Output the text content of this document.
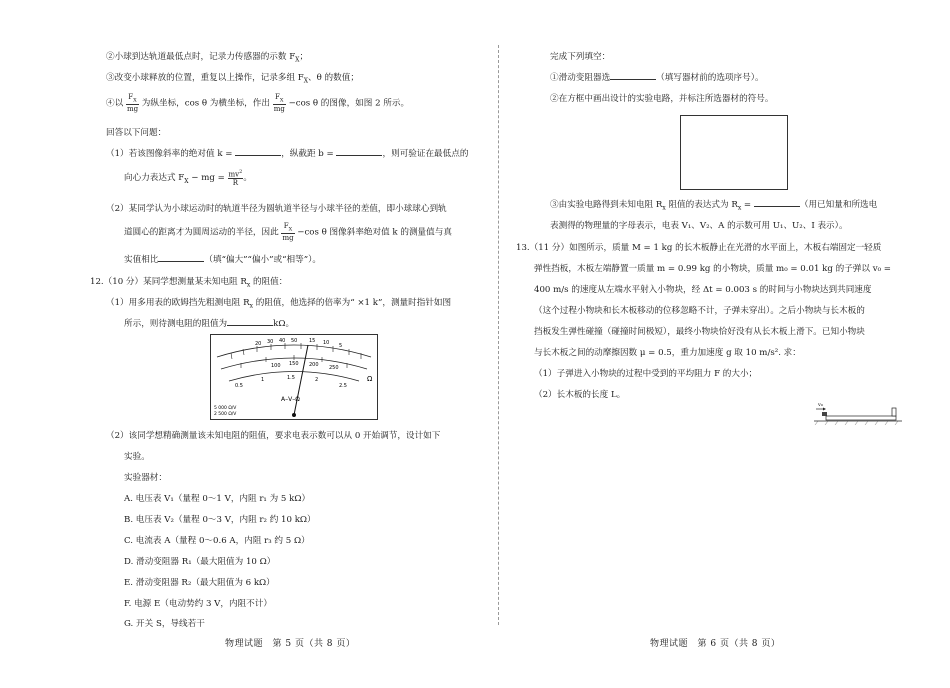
②小球到达轨道最低点时，记录力传感器的示数 $F_X$；
③改变小球释放的位置，重复以上操作，记录多组 $F_X$、θ 的数值；
④以 $\frac{F_X}{mg}$ 为纵坐标，cos θ 为横坐标，作出 $\frac{F_X}{mg} -\cos$ θ 的图像，如图 2 所示。
回答以下问题：
（1）若该图像斜率的绝对值 k =	，纵截距 b =	，则可验证在最低点的
向心力表达式 $F_X$ − mg = $\frac{mv^2}{R}$ 。
（2）某同学认为小球运动时的轨道半径为圆轨道半径与小球半径的差值，即小球球心到轨
道圆心的距离才为圆周运动的半径，因此 $\frac{F_X}{mg} -\cos$ θ 图像斜率绝对值 k 的测量值与真
实值相比	（填“偏大”“偏小”或“相等”）。
12.（10 分）某同学想测量某未知电阻 $R_x$ 的阻值：
（1）用多用表的欧姆挡先粗测电阻 $R_x$ 的阻值，他选择的倍率为“ ×1 k”，测量时指针如图
所示，则待测电阻的阻值为	kΩ。
（2）该同学想精确测量该未知电阻的阻值，要求电表示数可以从 0 开始调节，设计如下
实验。
实验器材：
A. 电压表 V₁（量程 0～1 V，内阻 r₁ 为 5 kΩ）
B. 电压表 V₂（量程 0～3 V，内阻 r₂ 约 10 kΩ）
C. 电流表 A（量程 0～0.6 A，内阻 r₃ 约 5 Ω）
D. 滑动变阻器 R₁（最大阻值为 10 Ω）
E. 滑动变阻器 R₂（最大阻值为 6 kΩ）
F. 电源 E（电动势约 3 V，内阻不计）
G. 开关 S，导线若干
20 30 40 50 15 10 5
100 150 200 250
0.5
1	1.5	2
2.5
Ω
A–V–Ω
5 000 Ω/V
2 500 Ω/V
物理试题　第 5 页（共 8 页）
完成下列填空：
①滑动变阻器选	（填写器材前的选项序号）。
②在方框中画出设计的实验电路，并标注所选器材的符号。
③由实验电路得到未知电阻 $R_x$ 阻值的表达式为 $R_x$ =	（用已知量和所选电
表测得的物理量的字母表示，电表 V₁、V₂、A 的示数可用 U₁、U₂、I 表示）。
13.（11 分）如图所示，质量 M = 1 kg 的长木板静止在光滑的水平面上，木板右端固定一轻质
弹性挡板，木板左端静置一质量 m = 0.99 kg 的小物块，质量 m₀ = 0.01 kg 的子弹以 v₀ =
400 m/s 的速度从左端水平射入小物块，经 Δt = 0.003 s 的时间与小物块达到共同速度
（这个过程小物块和长木板移动的位移忽略不计，子弹未穿出）。之后小物块与长木板的
挡板发生弹性碰撞（碰撞时间极短），最终小物块恰好没有从长木板上滑下。已知小物块
与长木板之间的动摩擦因数 μ = 0.5，重力加速度 g 取 10 m/s². 求：
（1）子弹进入小物块的过程中受到的平均阻力 F 的大小；
（2）长木板的长度 L。
v₀
物理试题　第 6 页（共 8 页）
